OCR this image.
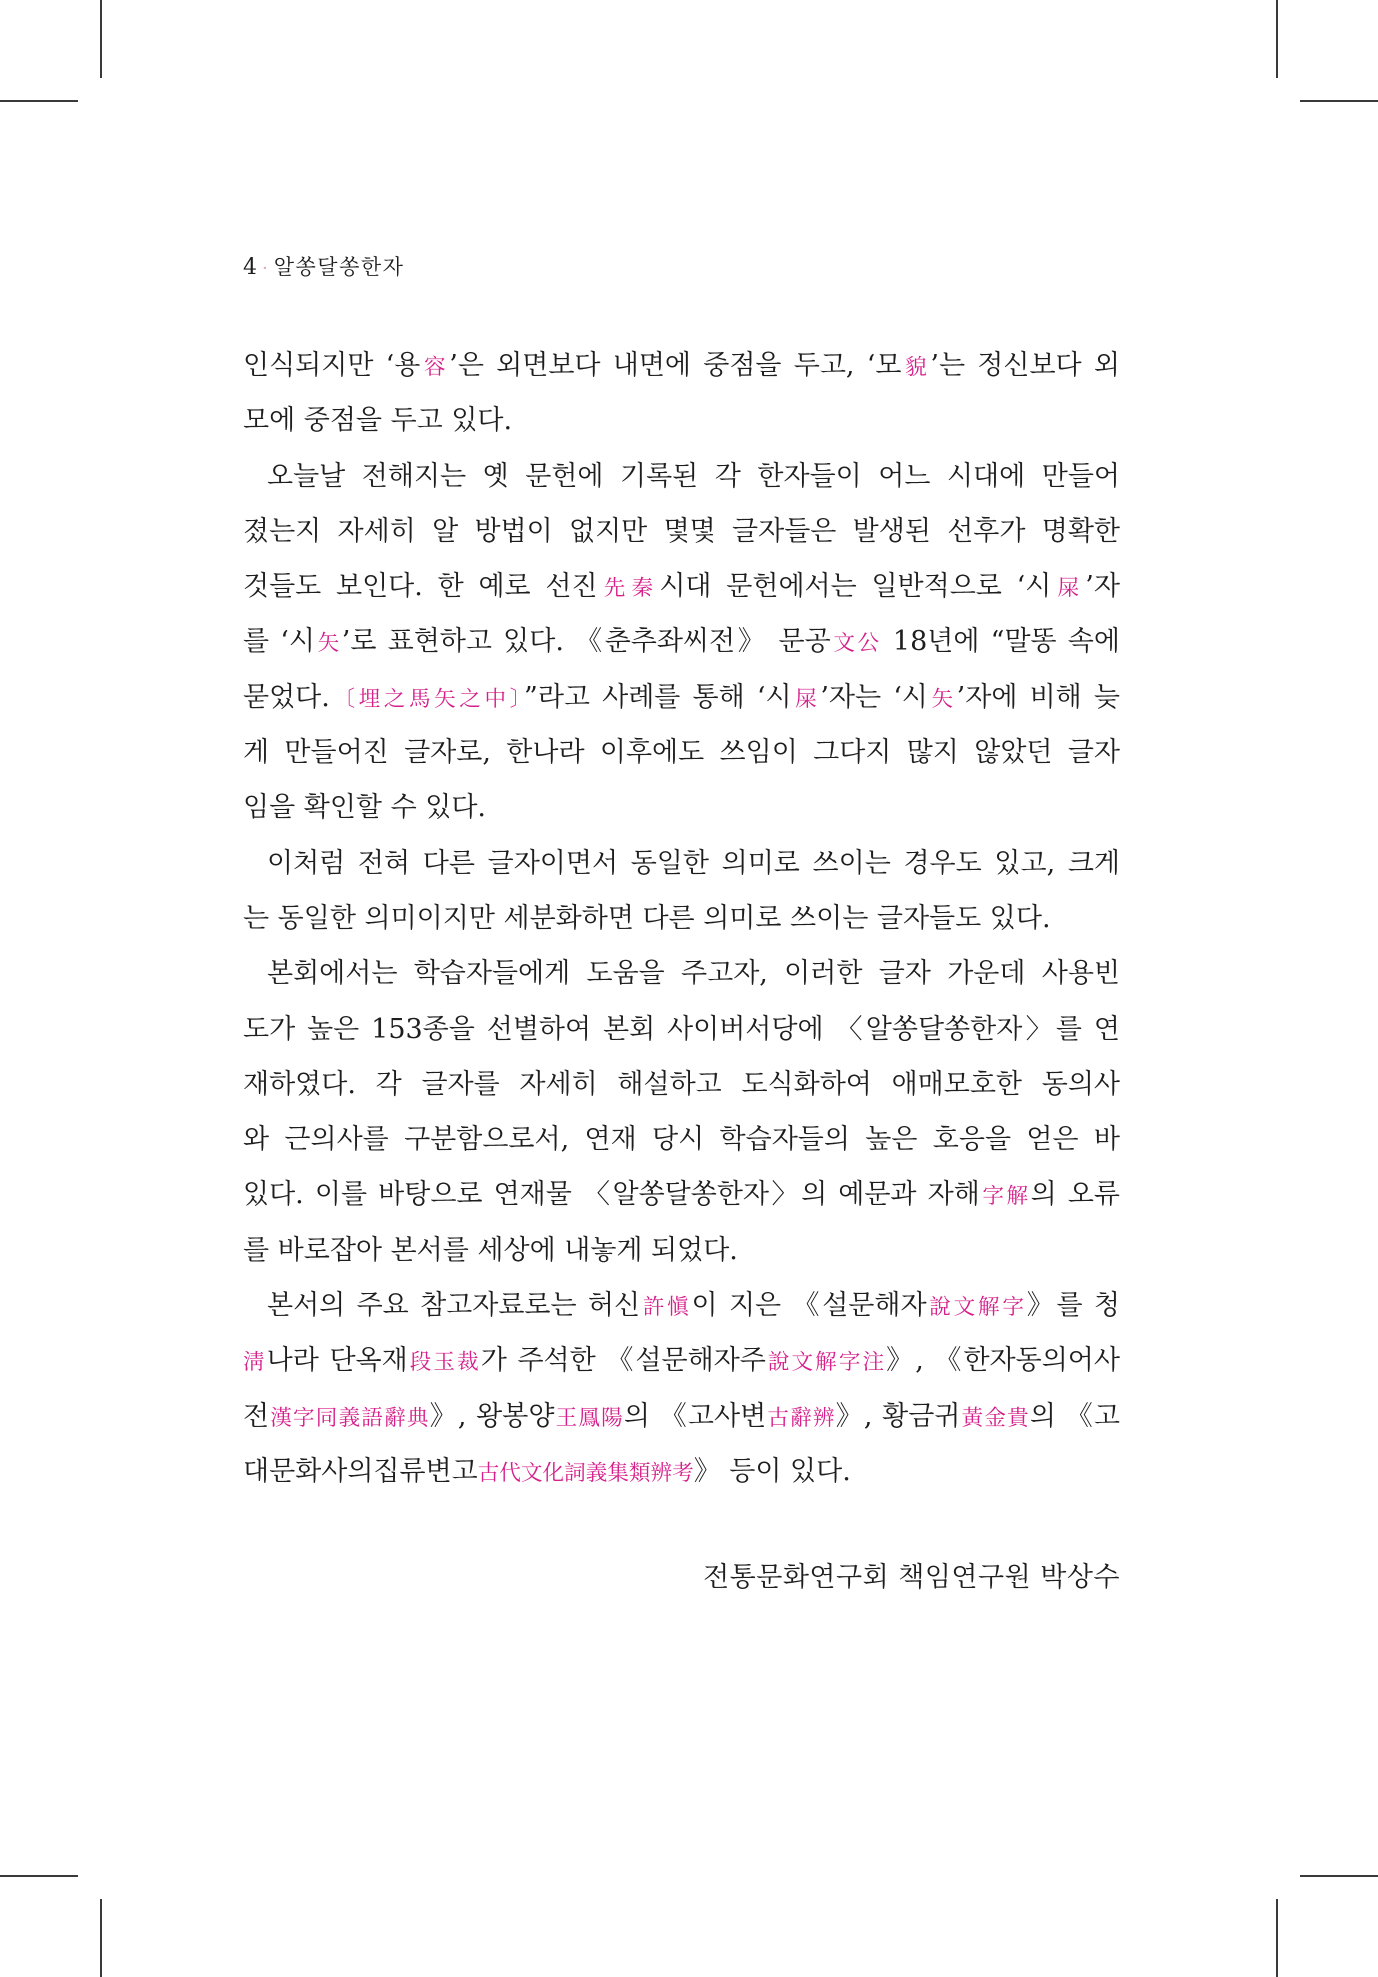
4 · 알쏭달쏭한자
인식되지만 ‘용容’은 외면보다 내면에 중점을 두고, ‘모貌’는 정신보다 외
모에 중점을 두고 있다.
오늘날 전해지는 옛 문헌에 기록된 각 한자들이 어느 시대에 만들어
졌는지 자세히 알 방법이 없지만 몇몇 글자들은 발생된 선후가 명확한
것들도 보인다. 한 예로 선진先秦시대 문헌에서는 일반적으로 ‘시屎’자
를 ‘시矢’로 표현하고 있다. 《춘추좌씨전》 문공文公 18년에 “말똥 속에
묻었다.〔埋之馬矢之中〕”라고 사례를 통해 ‘시屎’자는 ‘시矢’자에 비해 늦
게 만들어진 글자로, 한나라 이후에도 쓰임이 그다지 많지 않았던 글자
임을 확인할 수 있다.
이처럼 전혀 다른 글자이면서 동일한 의미로 쓰이는 경우도 있고, 크게
는 동일한 의미이지만 세분화하면 다른 의미로 쓰이는 글자들도 있다.
본회에서는 학습자들에게 도움을 주고자, 이러한 글자 가운데 사용빈
도가 높은 153종을 선별하여 본회 사이버서당에 〈알쏭달쏭한자〉를 연
재하였다. 각 글자를 자세히 해설하고 도식화하여 애매모호한 동의사
와 근의사를 구분함으로서, 연재 당시 학습자들의 높은 호응을 얻은 바
있다. 이를 바탕으로 연재물 〈알쏭달쏭한자〉의 예문과 자해字解의 오류
를 바로잡아 본서를 세상에 내놓게 되었다.
본서의 주요 참고자료로는 허신許愼이 지은 《설문해자說文解字》를 청
淸나라 단옥재段玉裁가 주석한 《설문해자주說文解字注》, 《한자동의어사
전漢字同義語辭典》, 왕봉양王鳳陽의 《고사변古辭辨》, 황금귀黃金貴의 《고
대문화사의집류변고古代文化詞義集類辨考》 등이 있다.
전통문화연구회 책임연구원 박상수
